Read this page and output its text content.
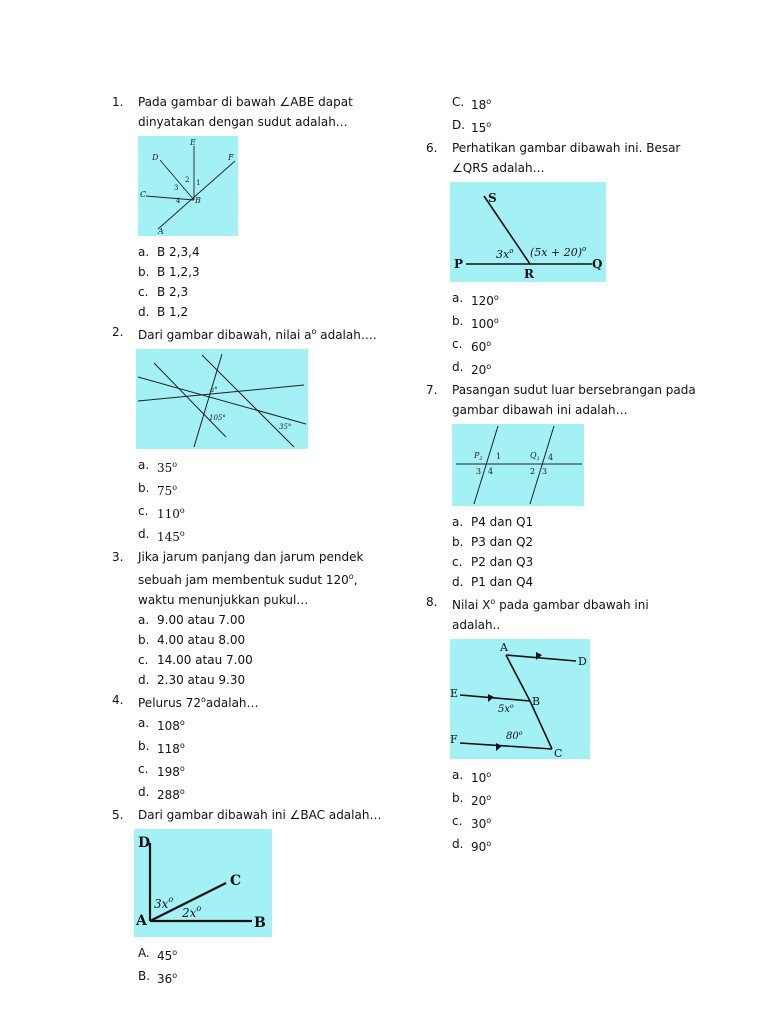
1.	Pada gambar di bawah ∠ABE dapat
dinyatakan dengan sudut adalah…
E
D	F
C
A
B
1
2
3
4
a. B 2,3,4
b. B 1,2,3
c. B 2,3
d. B 1,2
2.	Dari gambar dibawah, nilai $a^o$ adalah….
a°
105°
35°
a. 35$^o$
b. 75$^o$
c. 110$^o$
d. 145$^o$
3.	Jika jarum panjang dan jarum pendek
sebuah jam membentuk sudut 120$^o$,
waktu menunjukkan pukul…
a. 9.00 atau 7.00
b. 4.00 atau 8.00
c. 14.00 atau 7.00
d. 2.30 atau 9.30
4.	Pelurus 72$^o$adalah…
a. 108$^o$
b. 118$^o$
c. 198$^o$
d. 288$^o$
5.	Dari gambar dibawah ini ∠BAC adalah…
D
A	B
C
$3x^o$
$2x^o$
A. 45$^o$
B. 36$^o$
C. 18$^o$
D. 15$^o$
6.	Perhatikan gambar dibawah ini. Besar
∠QRS adalah…
S
P
R
Q
$3x^o$ $(5x + 20)^o$
a. 120$^o$
b. 100$^o$
c. 60$^o$
d. 20$^o$
7.	Pasangan sudut luar bersebrangan pada
gambar dibawah ini adalah…
$P_2$ 1
3 4
$Q_1$ 4
2 3
a. P4 dan Q1
b. P3 dan Q2
c. P2 dan Q3
d. P1 dan Q4
8.	Nilai $X^o$ pada gambar dbawah ini
adalah..
A
D
E
B
F
C
$5x^o$
80$^o$
a. 10$^o$
b. 20$^o$
c. 30$^o$
d. 90$^o$
